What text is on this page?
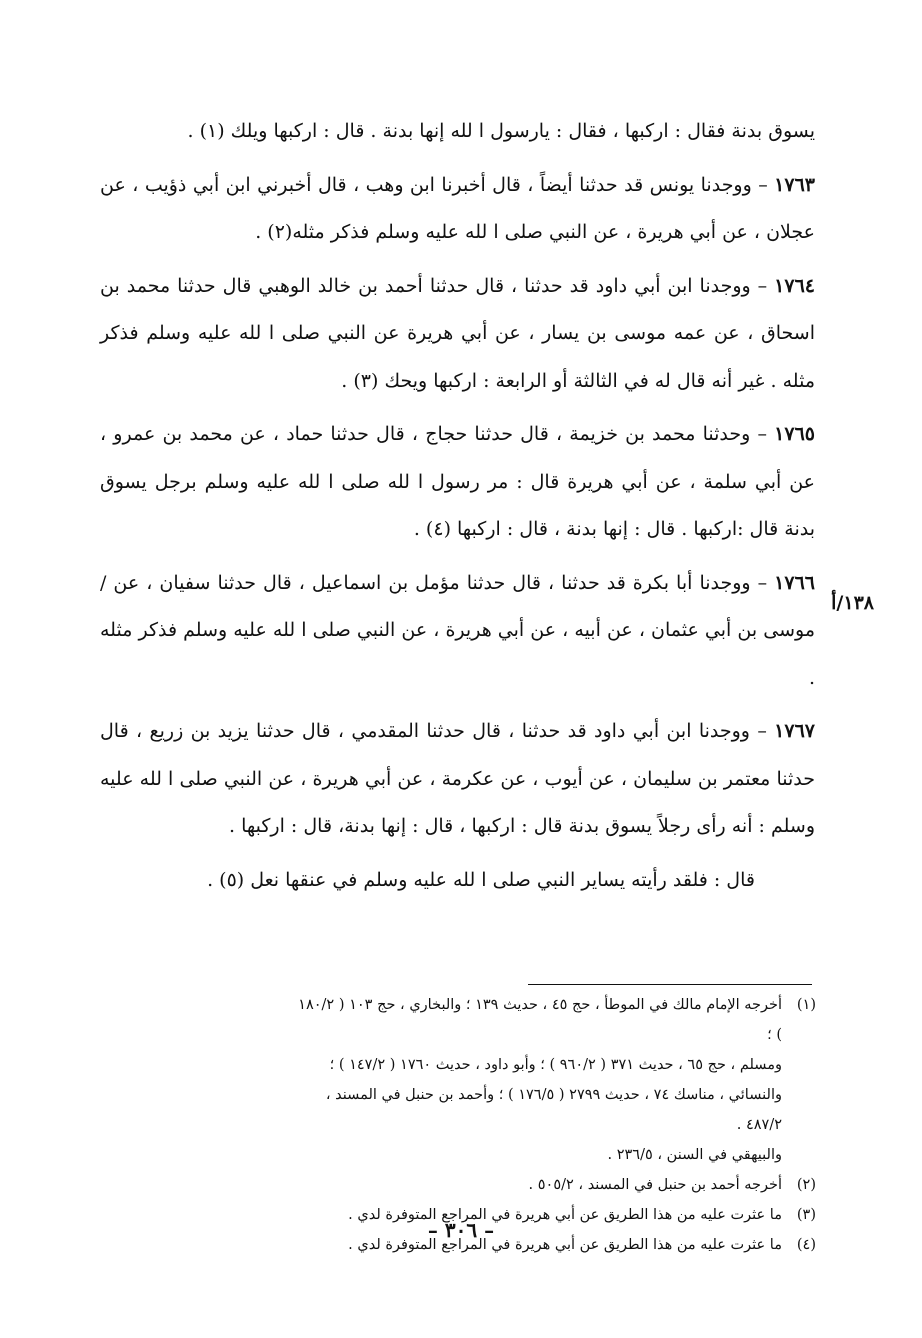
يسوق بدنة فقال : اركبها ، فقال : يارسول ا لله إنها بدنة . قال : اركبها ويلك (١) .

١٧٦٣ – ووجدنا يونس قد حدثنا أيضاً ، قال أخبرنا ابن وهب ، قال أخبرني ابن أبي ذؤيب ، عن عجلان ، عن أبي هريرة ، عن النبي صلى ا لله عليه وسلم فذكر مثله(٢) .

١٧٦٤ – ووجدنا ابن أبي داود قد حدثنا ، قال حدثنا أحمد بن خالد الوهبي قال حدثنا محمد بن اسحاق ، عن عمه موسى بن يسار ، عن أبي هريرة عن النبي صلى ا لله عليه وسلم فذكر مثله . غير أنه قال له في الثالثة أو الرابعة : اركبها ويحك (٣) .

١٧٦٥ – وحدثنا محمد بن خزيمة ، قال حدثنا حجاج ، قال حدثنا حماد ، عن محمد بن عمرو ، عن أبي سلمة ، عن أبي هريرة قال : مر رسول ا لله صلى ا لله عليه وسلم برجل يسوق بدنة قال :اركبها . قال : إنها بدنة ، قال : اركبها (٤) .

١٧٦٦ – ووجدنا أبا بكرة قد حدثنا ، قال حدثنا مؤمل بن اسماعيل ، قال حدثنا سفيان ، عن / موسى بن أبي عثمان ، عن أبيه ، عن أبي هريرة ، عن النبي صلى ا لله عليه وسلم فذكر مثله .

١٧٦٧ – ووجدنا ابن أبي داود قد حدثنا ، قال حدثنا المقدمي ، قال حدثنا يزيد بن زريع ، قال حدثنا معتمر بن سليمان ، عن أيوب ، عن عكرمة ، عن أبي هريرة ، عن النبي صلى ا لله عليه وسلم : أنه رأى رجلاً يسوق بدنة قال : اركبها ، قال : إنها بدنة، قال : اركبها .

قال : فلقد رأيته يساير النبي صلى ا لله عليه وسلم في عنقها نعل (٥) .

١٣٨/أ
(١)
أخرجه الإمام مالك في الموطأ ، حج ٤٥ ، حديث ١٣٩ ؛ والبخاري ، حج ١٠٣ ( ١٨٠/٢ ) ؛
ومسلم ، حج ٦٥ ، حديث ٣٧١ ( ٩٦٠/٢ ) ؛ وأبو داود ، حديث ١٧٦٠ ( ١٤٧/٢ ) ؛
والنسائي ، مناسك ٧٤ ، حديث ٢٧٩٩ ( ١٧٦/٥ ) ؛ وأحمد بن حنبل في المسند ، ٤٨٧/٢ .
والبيهقي في السنن ، ٢٣٦/٥ .
(٢)
أخرجه أحمد بن حنبل في المسند ، ٥٠٥/٢ .
(٣)
ما عثرت عليه من هذا الطريق عن أبي هريرة في المراجع المتوفرة لدي .
(٤)
ما عثرت عليه من هذا الطريق عن أبي هريرة في المراجع المتوفرة لدي .
– ٣٠٦ –
